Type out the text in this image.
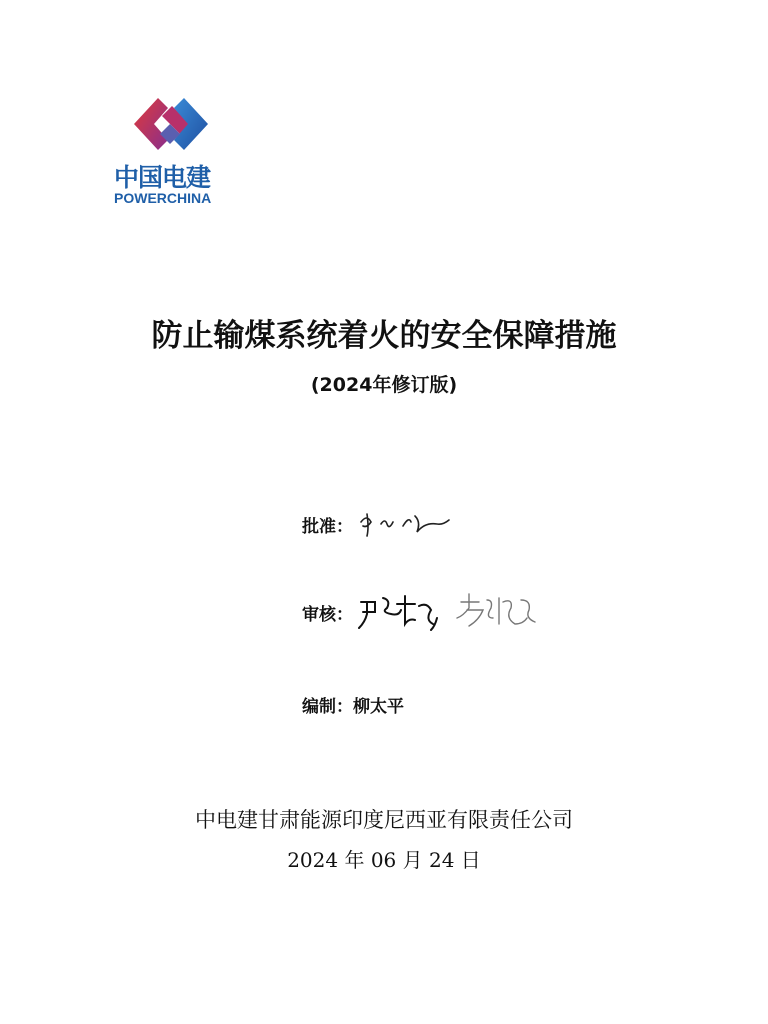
中国电建
POWERCHINA
防止输煤系统着火的安全保障措施
(2024年修订版)
批准：
审核：
编制： 柳太平
中电建甘肃能源印度尼西亚有限责任公司
2024 年 06 月 24 日
